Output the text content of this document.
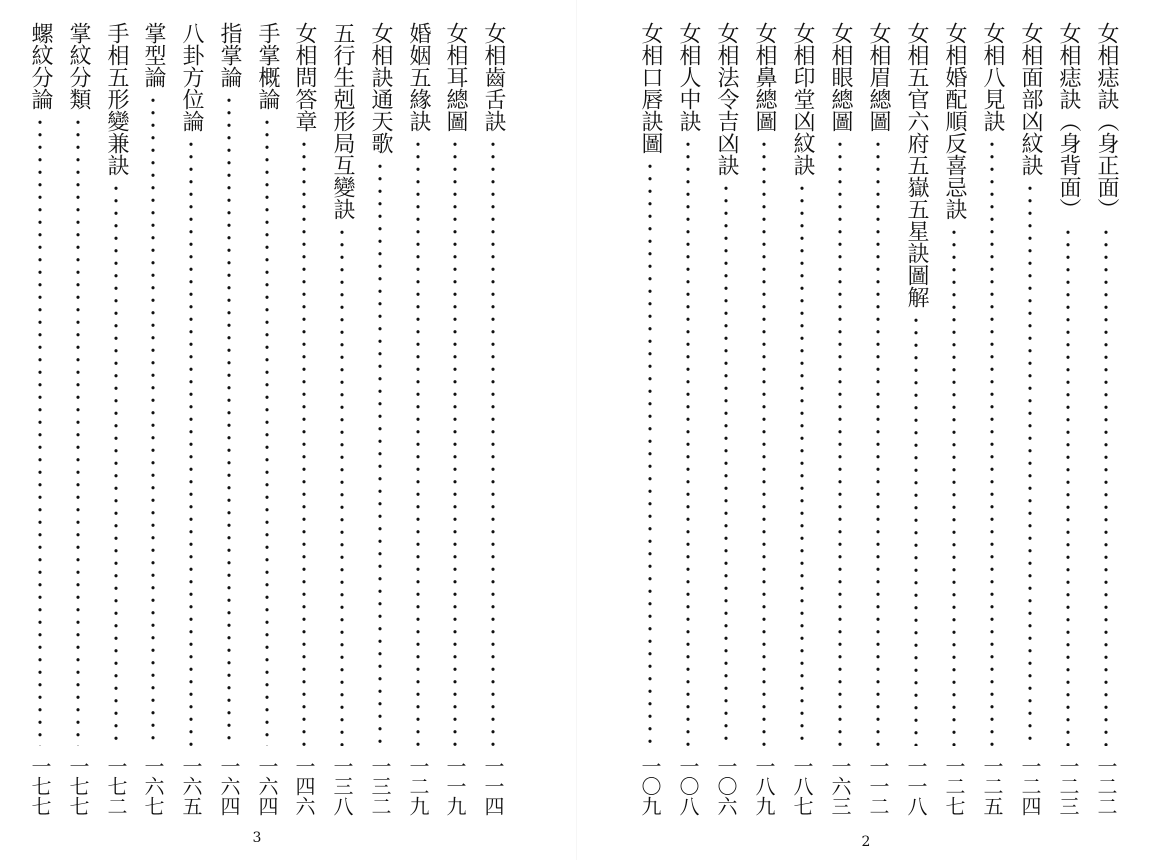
女相齒舌訣
一一四
女相耳總圖
一一九
婚姻五緣訣
一二九
女相訣通天歌
一三二
五行生剋形局互變訣
一三八
女相問答章
一四六
手掌概論
一六四
指掌論
一六四
八卦方位論
一六五
掌型論
一六七
手相五形變兼訣
一七二
掌紋分類
一七七
螺紋分論
一七七
3
女相痣訣（身正面）
一二二
女相痣訣（身背面）
一二三
女相面部凶紋訣
一二四
女相八見訣
一二五
女相婚配順反喜忌訣
一二七
女相五官六府五嶽五星訣圖解
一一八
女相眉總圖
一一二
女相眼總圖
一六三
女相印堂凶紋訣
一八七
女相鼻總圖
一八九
女相法令吉凶訣
一〇六
女相人中訣
一〇八
女相口唇訣圖
一〇九
2
